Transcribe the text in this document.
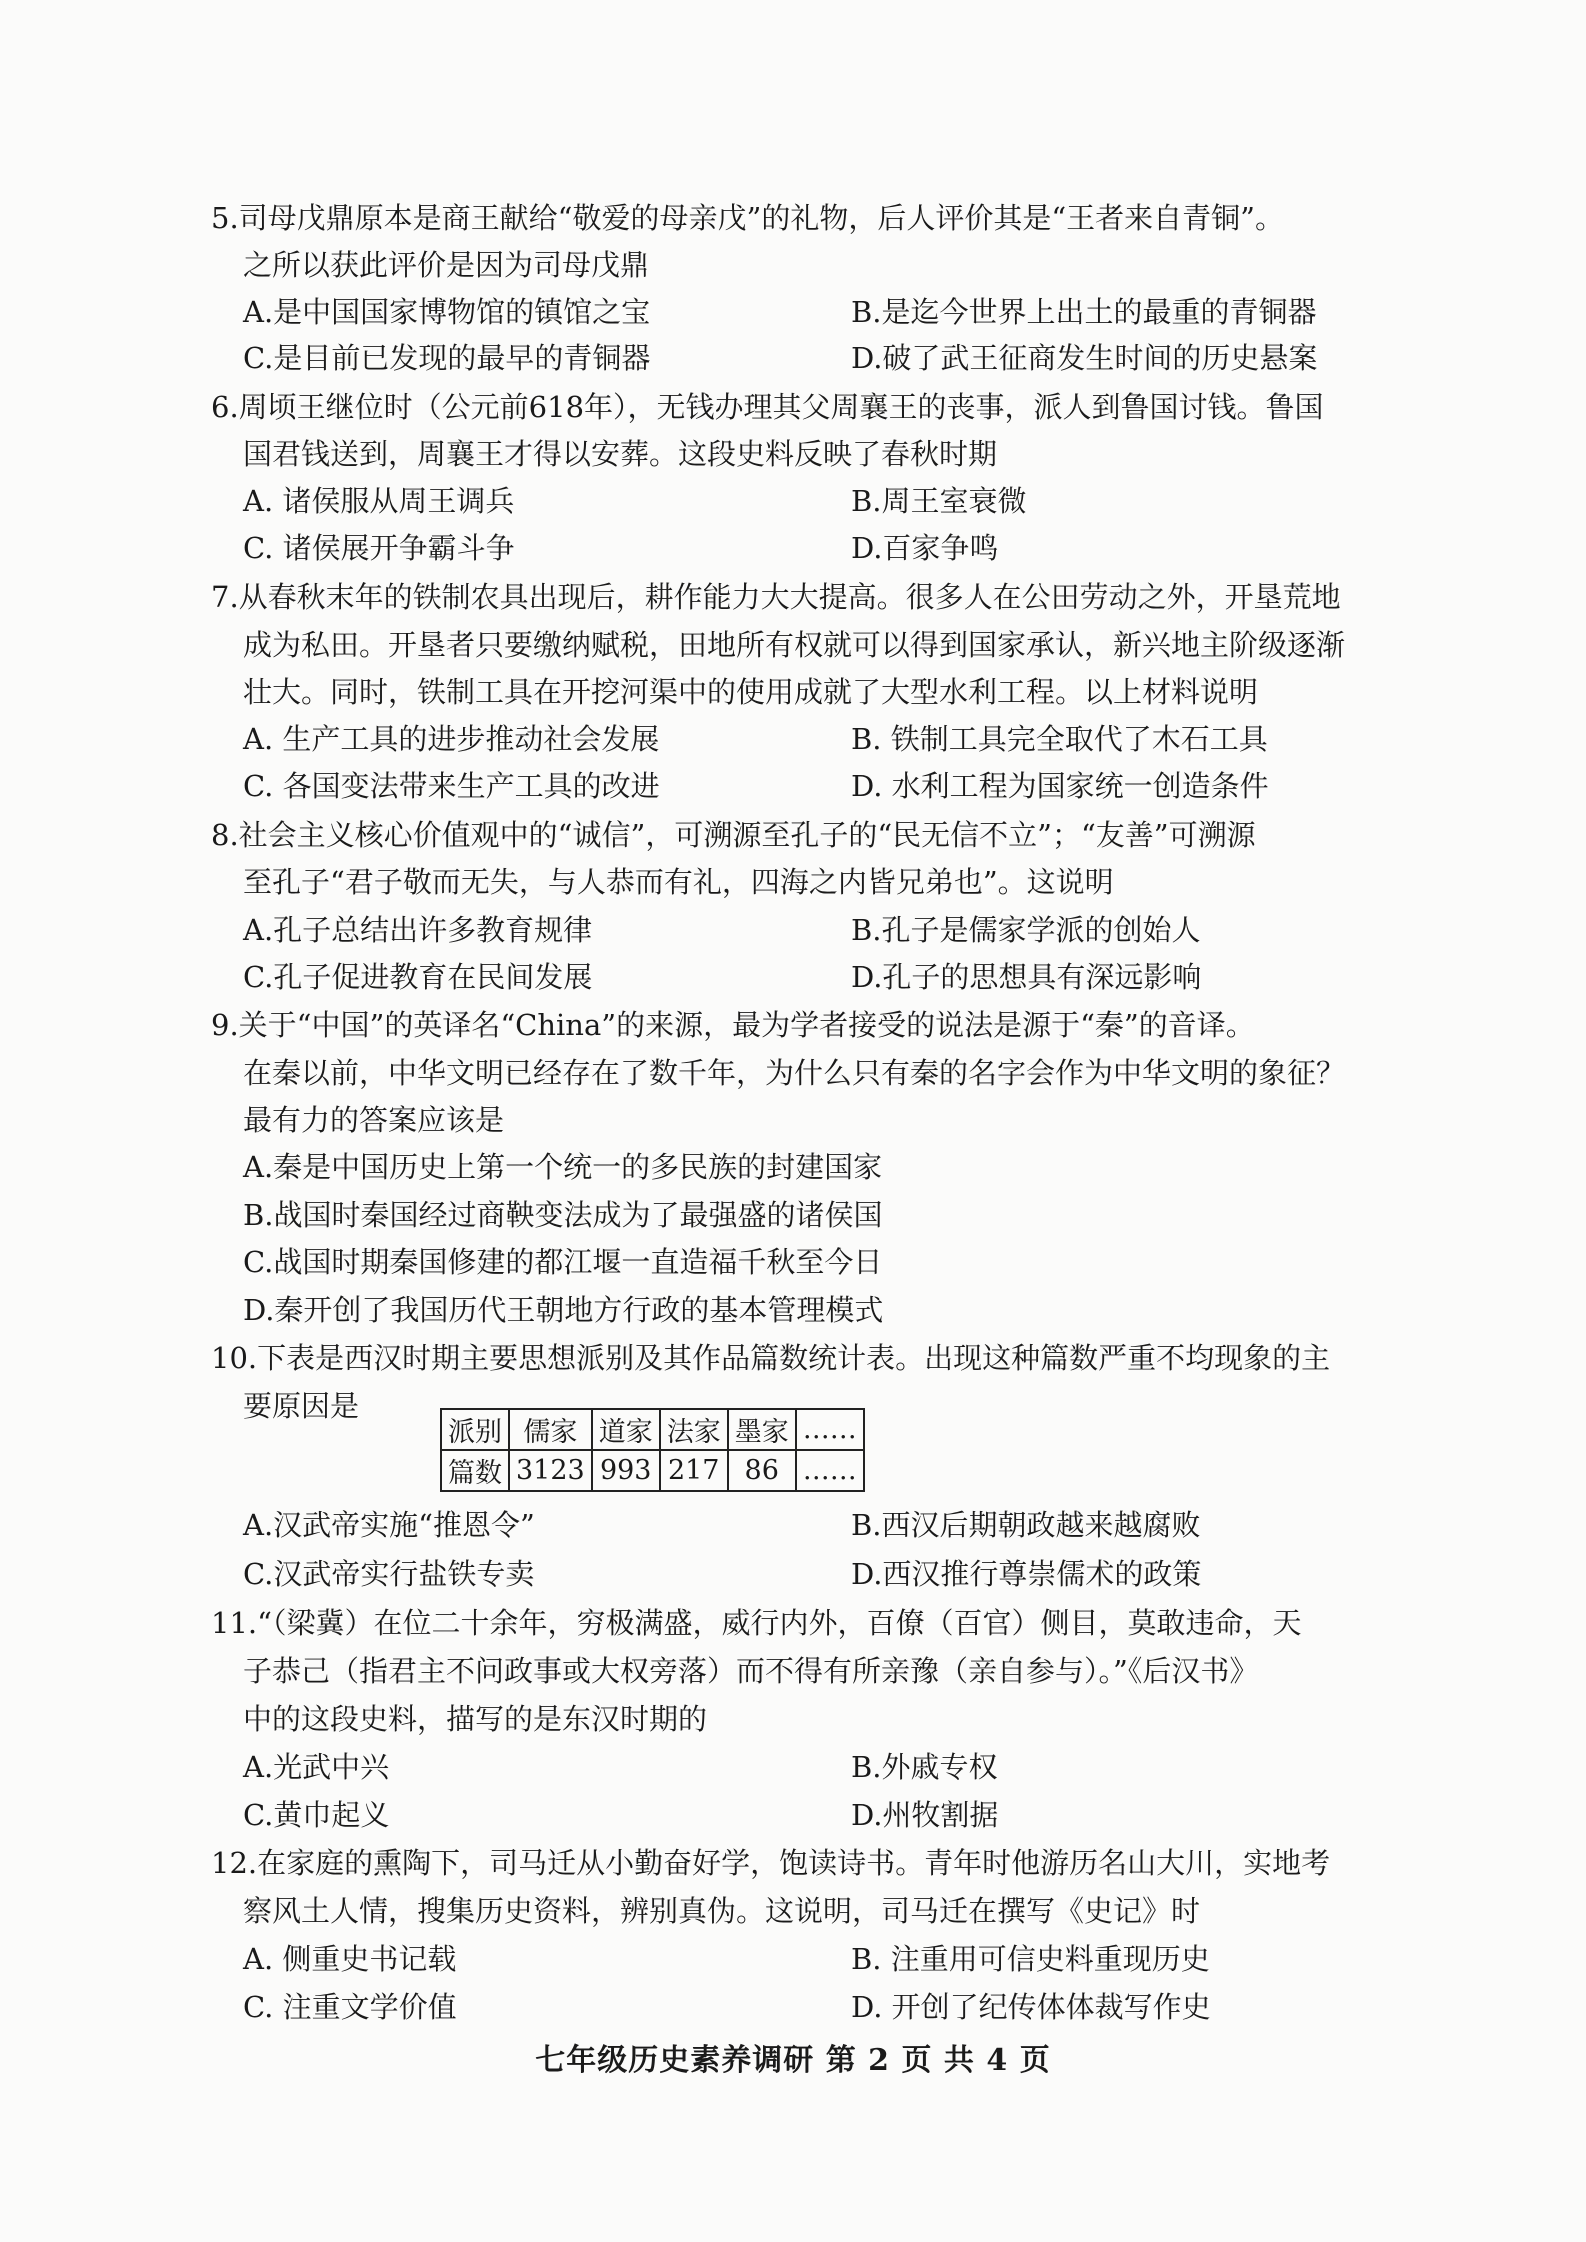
5.司母戊鼎原本是商王献给“敬爱的母亲戊”的礼物，后人评价其是“王者来自青铜”。

之所以获此评价是因为司母戊鼎

A.是中国国家博物馆的镇馆之宝	B.是迄今世界上出土的最重的青铜器

C.是目前已发现的最早的青铜器	D.破了武王征商发生时间的历史悬案

6.周顷王继位时（公元前618年），无钱办理其父周襄王的丧事，派人到鲁国讨钱。鲁国

国君钱送到，周襄王才得以安葬。这段史料反映了春秋时期

A. 诸侯服从周王调兵	B.周王室衰微

C. 诸侯展开争霸斗争	D.百家争鸣

7.从春秋末年的铁制农具出现后，耕作能力大大提高。很多人在公田劳动之外，开垦荒地

成为私田。开垦者只要缴纳赋税，田地所有权就可以得到国家承认，新兴地主阶级逐渐

壮大。同时，铁制工具在开挖河渠中的使用成就了大型水利工程。以上材料说明

A. 生产工具的进步推动社会发展	B. 铁制工具完全取代了木石工具

C. 各国变法带来生产工具的改进	D. 水利工程为国家统一创造条件

8.社会主义核心价值观中的“诚信”，可溯源至孔子的“民无信不立”；“友善”可溯源

至孔子“君子敬而无失，与人恭而有礼，四海之内皆兄弟也”。这说明

A.孔子总结出许多教育规律	B.孔子是儒家学派的创始人

C.孔子促进教育在民间发展	D.孔子的思想具有深远影响

9.关于“中国”的英译名“China”的来源，最为学者接受的说法是源于“秦”的音译。

在秦以前，中华文明已经存在了数千年，为什么只有秦的名字会作为中华文明的象征？

最有力的答案应该是

A.秦是中国历史上第一个统一的多民族的封建国家

B.战国时秦国经过商鞅变法成为了最强盛的诸侯国

C.战国时期秦国修建的都江堰一直造福千秋至今日

D.秦开创了我国历代王朝地方行政的基本管理模式

10.下表是西汉时期主要思想派别及其作品篇数统计表。出现这种篇数严重不均现象的主

要原因是

派别	儒家	道家	法家	墨家	……
篇数	3123	993	217	86	……

A.汉武帝实施“推恩令”	B.西汉后期朝政越来越腐败

C.汉武帝实行盐铁专卖	D.西汉推行尊崇儒术的政策

11.“（梁冀）在位二十余年，穷极满盛，威行内外，百僚（百官）侧目，莫敢违命，天

子恭己（指君主不问政事或大权旁落）而不得有所亲豫（亲自参与）。”《后汉书》

中的这段史料，描写的是东汉时期的

A.光武中兴	B.外戚专权

C.黄巾起义	D.州牧割据

12.在家庭的熏陶下，司马迁从小勤奋好学，饱读诗书。青年时他游历名山大川，实地考

察风土人情，搜集历史资料，辨别真伪。这说明，司马迁在撰写《史记》时

A. 侧重史书记载	B. 注重用可信史料重现历史

C. 注重文学价值	D. 开创了纪传体体裁写作史

七年级历史素养调研 第 2 页 共 4 页
